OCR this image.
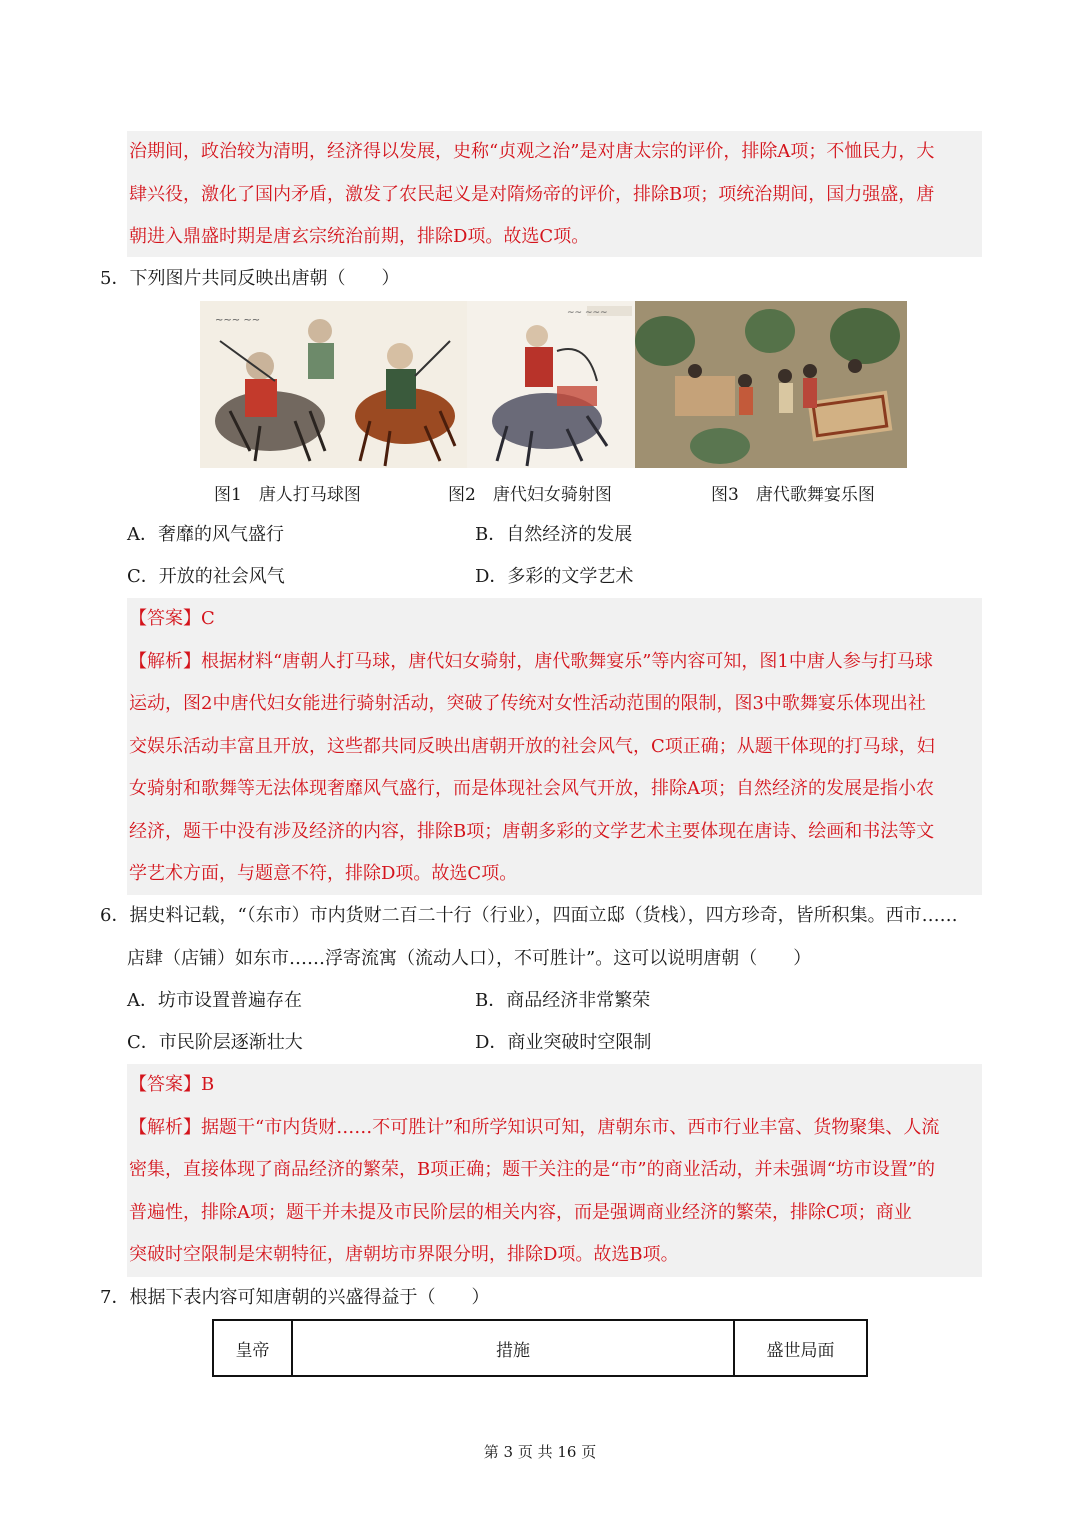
治期间，政治较为清明，经济得以发展，史称“贞观之治”是对唐太宗的评价，排除A项；不恤民力，大

肆兴役，激化了国内矛盾，激发了农民起义是对隋炀帝的评价，排除B项；项统治期间，国力强盛，唐

朝进入鼎盛时期是唐玄宗统治前期，排除D项。故选C项。

5．下列图片共同反映出唐朝（　　）

~~~ ~~
~~ ~~~
图1　唐人打马球图	图2　唐代妇女骑射图	图3　唐代歌舞宴乐图
A．奢靡的风气盛行	B．自然经济的发展
C．开放的社会风气	D．多彩的文学艺术

【答案】C

【解析】根据材料“唐朝人打马球，唐代妇女骑射，唐代歌舞宴乐”等内容可知，图1中唐人参与打马球

运动，图2中唐代妇女能进行骑射活动，突破了传统对女性活动范围的限制，图3中歌舞宴乐体现出社

交娱乐活动丰富且开放，这些都共同反映出唐朝开放的社会风气，C项正确；从题干体现的打马球，妇

女骑射和歌舞等无法体现奢靡风气盛行，而是体现社会风气开放，排除A项；自然经济的发展是指小农

经济，题干中没有涉及经济的内容，排除B项；唐朝多彩的文学艺术主要体现在唐诗、绘画和书法等文

学艺术方面，与题意不符，排除D项。故选C项。

6．据史料记载，“（东市）市内货财二百二十行（行业），四面立邸（货栈），四方珍奇，皆所积集。西市……

店肆（店铺）如东市……浮寄流寓（流动人口），不可胜计”。这可以说明唐朝（　　）

A．坊市设置普遍存在	B．商品经济非常繁荣
C．市民阶层逐渐壮大	D．商业突破时空限制

【答案】B

【解析】据题干“市内货财……不可胜计”和所学知识可知，唐朝东市、西市行业丰富、货物聚集、人流

密集，直接体现了商品经济的繁荣，B项正确；题干关注的是“市”的商业活动，并未强调“坊市设置”的

普遍性，排除A项；题干并未提及市民阶层的相关内容，而是强调商业经济的繁荣，排除C项；商业

突破时空限制是宋朝特征，唐朝坊市界限分明，排除D项。故选B项。

7．根据下表内容可知唐朝的兴盛得益于（　　）

皇帝	措施	盛世局面
第 3 页 共 16 页
